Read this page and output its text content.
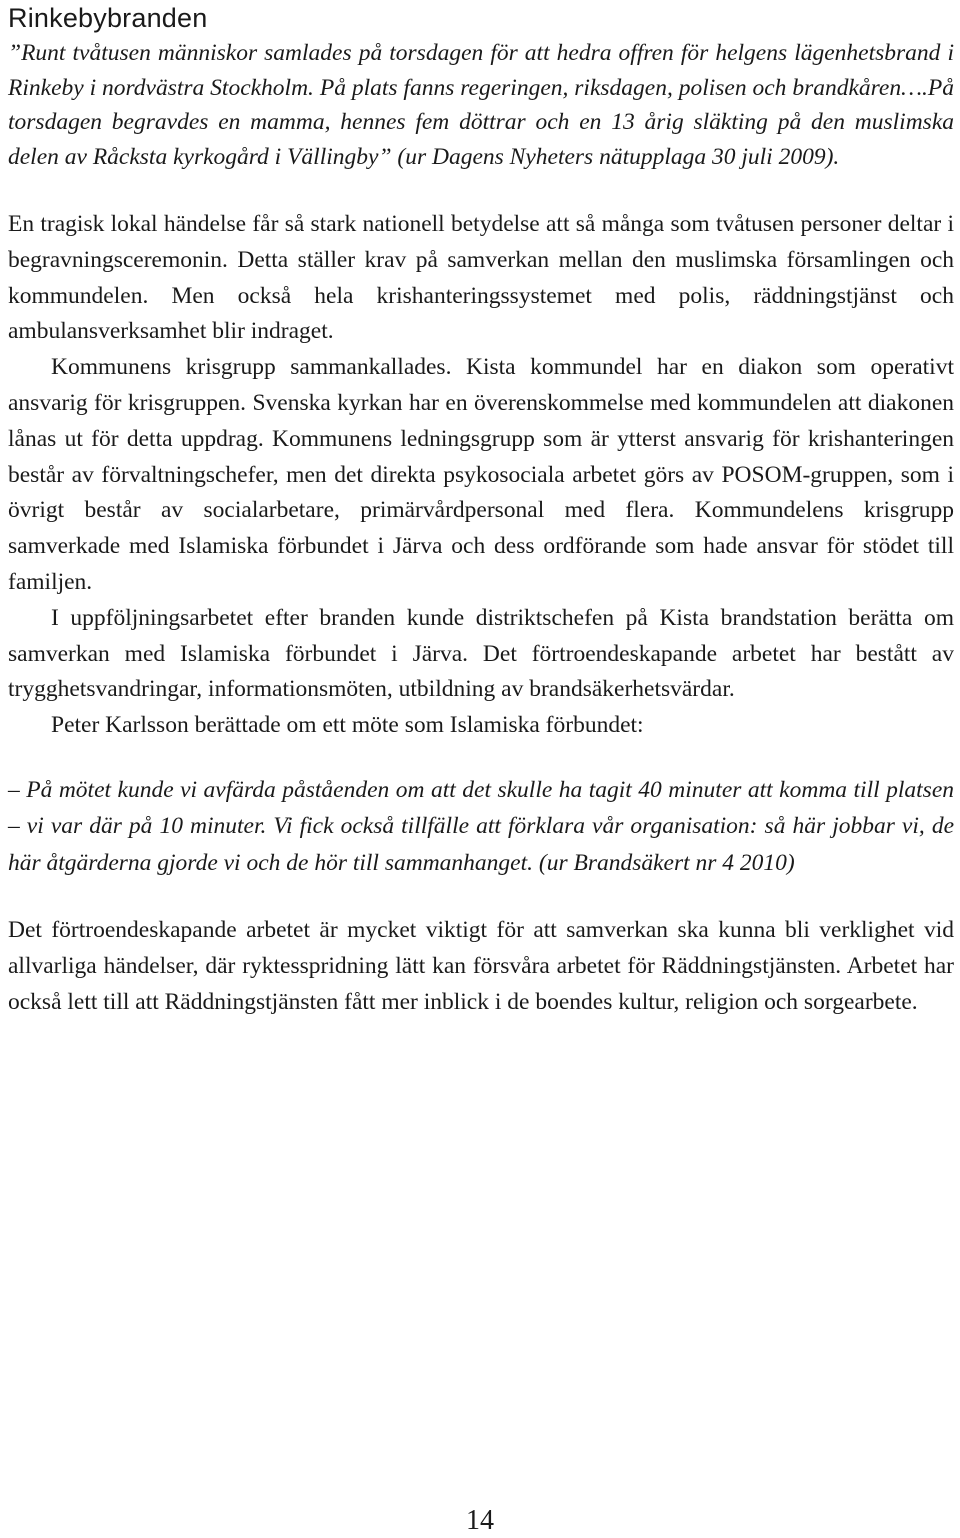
Rinkebybranden

”Runt tvåtusen människor samlades på torsdagen för att hedra offren för helgens lägenhetsbrand i Rinkeby i nordvästra Stockholm. På plats fanns regeringen, riksdagen, polisen och brandkåren….På torsdagen begravdes en mamma, hennes fem döttrar och en 13 årig släkting på den muslimska delen av Råcksta kyrkogård i Vällingby” (ur Dagens Nyheters nätupplaga 30 juli 2009).

En tragisk lokal händelse får så stark nationell betydelse att så många som tvåtusen personer deltar i begravningsceremonin. Detta ställer krav på samverkan mellan den muslimska församlingen och kommundelen. Men också hela krishanteringssystemet med polis, räddningstjänst och ambulansverksamhet blir indraget.

Kommunens krisgrupp sammankallades. Kista kommundel har en diakon som operativt ansvarig för krisgruppen. Svenska kyrkan har en överenskommelse med kommundelen att diakonen lånas ut för detta uppdrag. Kommunens ledningsgrupp som är ytterst ansvarig för krishanteringen består av förvaltningschefer, men det direkta psykosociala arbetet görs av POSOM-gruppen, som i övrigt består av socialarbetare, primärvårdpersonal med flera. Kommundelens krisgrupp samverkade med Islamiska förbundet i Järva och dess ordförande som hade ansvar för stödet till familjen.

I uppföljningsarbetet efter branden kunde distriktschefen på Kista brandstation berätta om samverkan med Islamiska förbundet i Järva. Det förtroendeskapande arbetet har bestått av trygghetsvandringar, informationsmöten, utbildning av brandsäkerhetsvärdar.

Peter Karlsson berättade om ett möte som Islamiska förbundet:

– På mötet kunde vi avfärda påståenden om att det skulle ha tagit 40 minuter att komma till platsen – vi var där på 10 minuter. Vi fick också tillfälle att förklara vår organisation: så här jobbar vi, de här åtgärderna gjorde vi och de hör till sammanhanget. (ur Brandsäkert nr 4 2010)

Det förtroendeskapande arbetet är mycket viktigt för att samverkan ska kunna bli verklighet vid allvarliga händelser, där ryktesspridning lätt kan försvåra arbetet för Räddningstjänsten. Arbetet har också lett till att Räddningstjänsten fått mer inblick i de boendes kultur, religion och sorgearbete.

14
